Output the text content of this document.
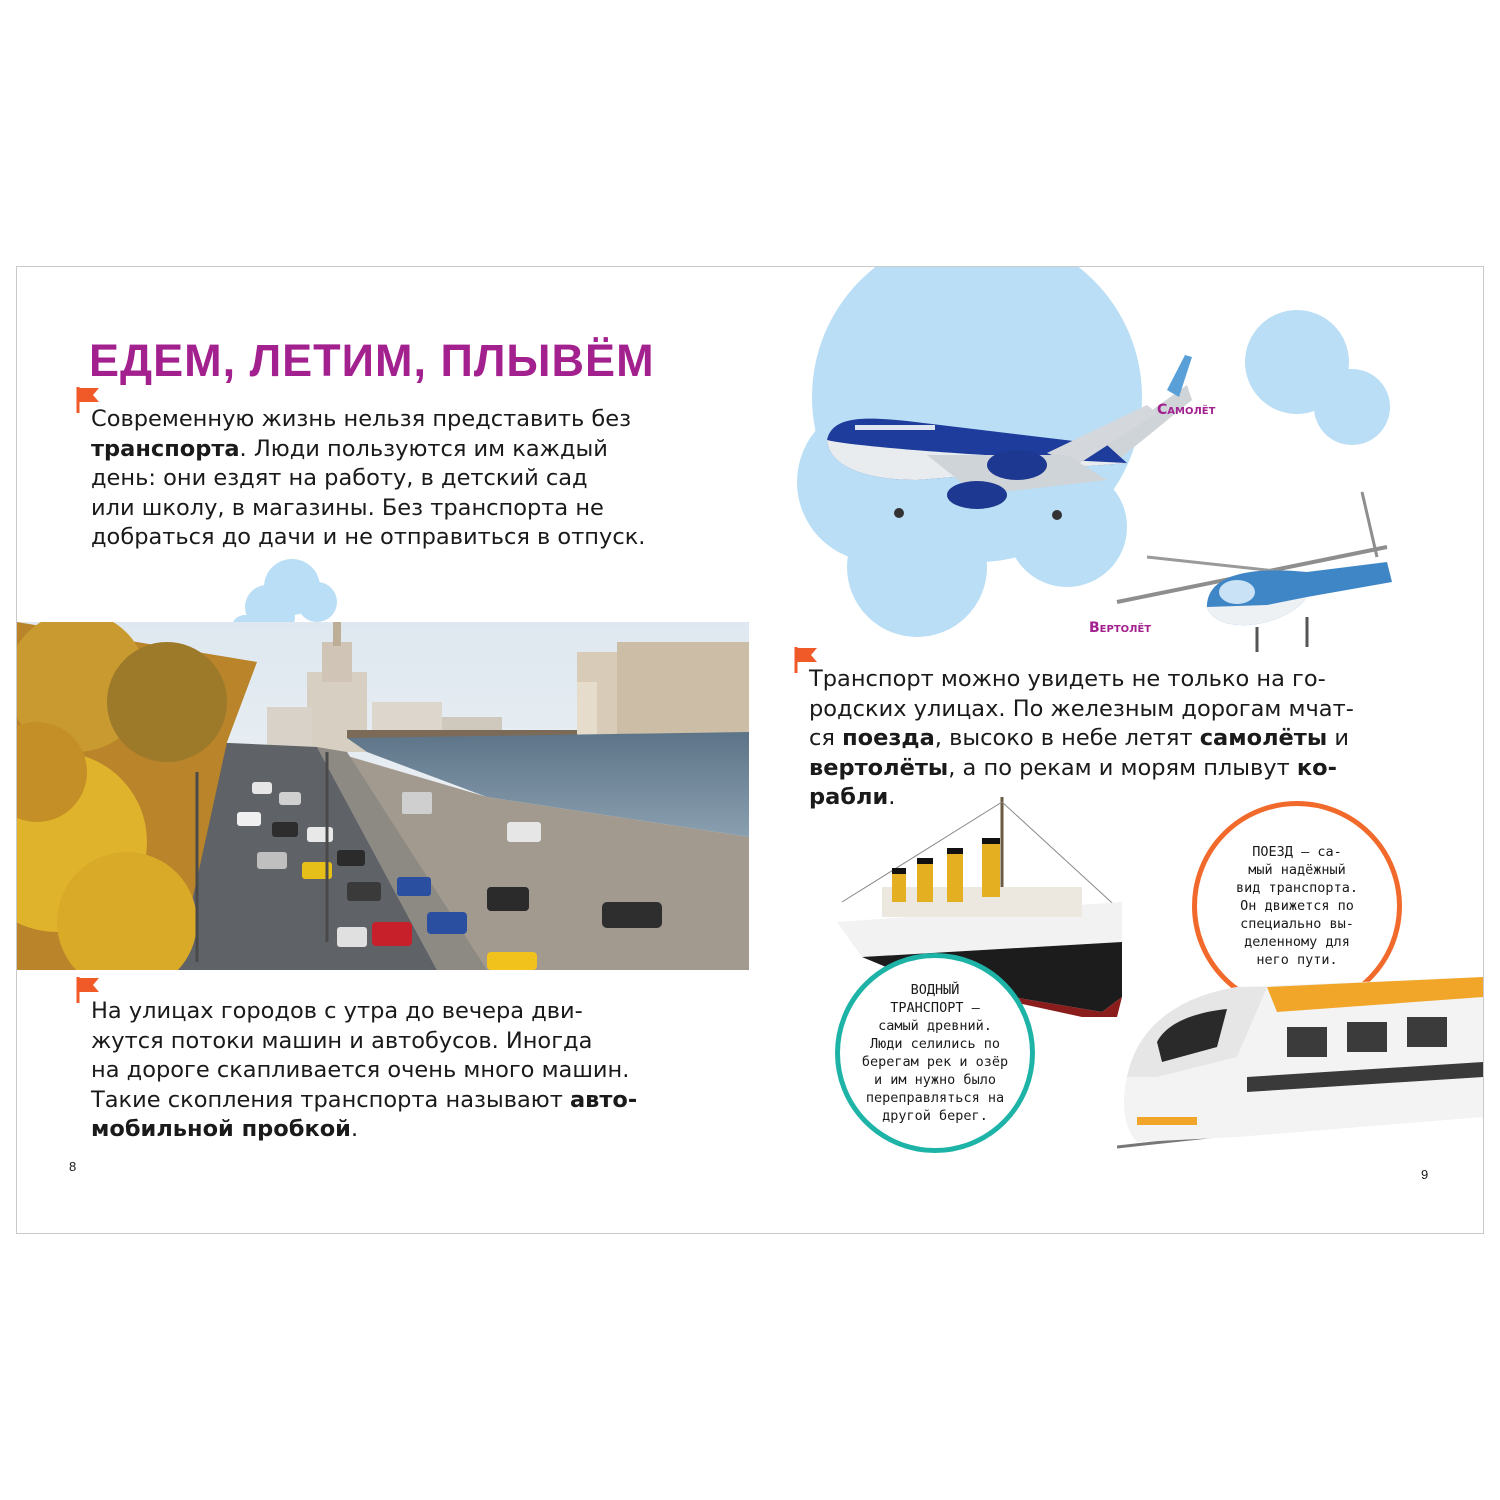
ЕДЕМ, ЛЕТИМ, ПЛЫВЁМ
Современную жизнь нельзя представить без
транспорта. Люди пользуются им каждый
день: они ездят на работу, в детский сад
или школу, в магазины. Без транспорта не
добраться до дачи и не отправиться в отпуск.
На улицах городов с утра до вечера дви-
жутся потоки машин и автобусов. Иногда
на дороге скапливается очень много машин.
Такие скопления транспорта называют авто-
мобильной пробкой.
8
Самолёт
Вертолёт
Транспорт можно увидеть не только на го-
родских улицах. По железным дорогам мчат-
ся поезда, высоко в небе летят самолёты и
вертолёты, а по рекам и морям плывут ко-
рабли.
ВОДНЫЙ
ТРАНСПОРТ —
самый древний.
Люди селились по
берегам рек и озёр
и им нужно было
переправляться на
другой берег.
ПОЕЗД — са-
мый надёжный
вид транспорта.
Он движется по
специально вы-
деленному для
него пути.
9
